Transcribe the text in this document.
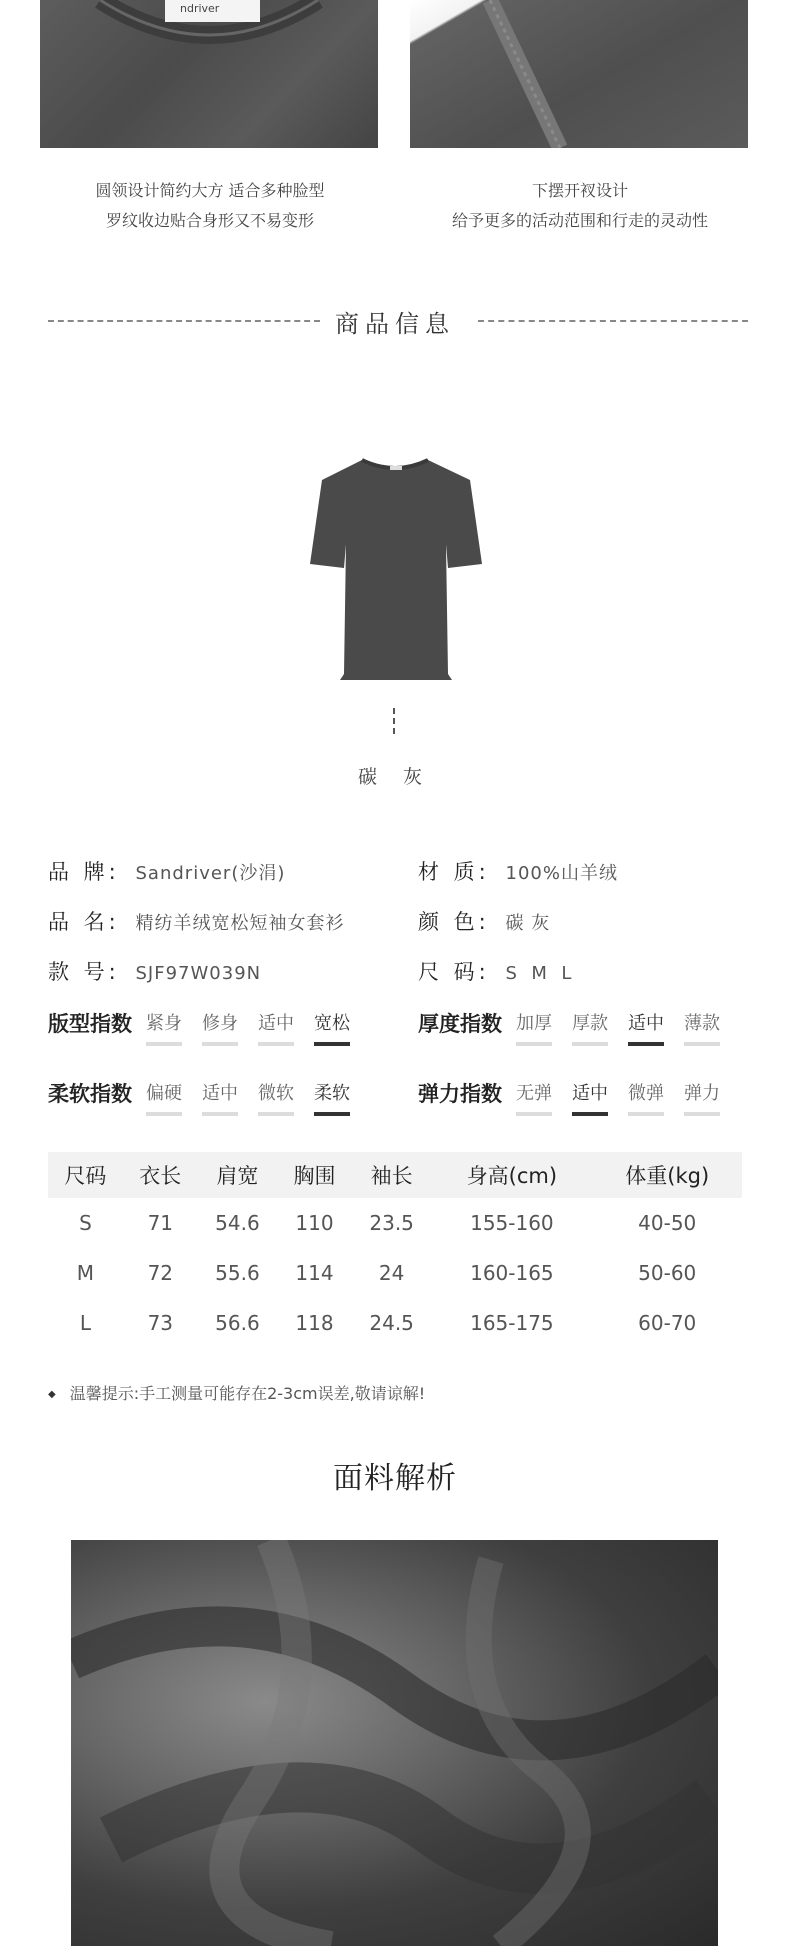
ndriver
圆领设计简约大方 适合多种脸型
罗纹收边贴合身形又不易变形
下摆开衩设计
给予更多的活动范围和行走的灵动性
商品信息
碳 灰
品 牌: Sandriver(沙涓)	材 质: 100%山羊绒
品 名: 精纺羊绒宽松短袖女套衫	颜 色: 碳 灰
款 号: SJF97W039N	尺 码: S  M  L
版型指数 紧身 修身 适中 宽松	厚度指数 加厚 厚款 适中 薄款
柔软指数 偏硬 适中 微软 柔软	弹力指数 无弹 适中 微弹 弹力
尺码	衣长	肩宽	胸围	袖长	身高(cm)	体重(kg)
S	71	54.6	110	23.5	155-160	40-50
M	72	55.6	114	24	160-165	50-60
L	73	56.6	118	24.5	165-175	60-70
◆ 温馨提示:手工测量可能存在2-3cm误差,敬请谅解!
面料解析
